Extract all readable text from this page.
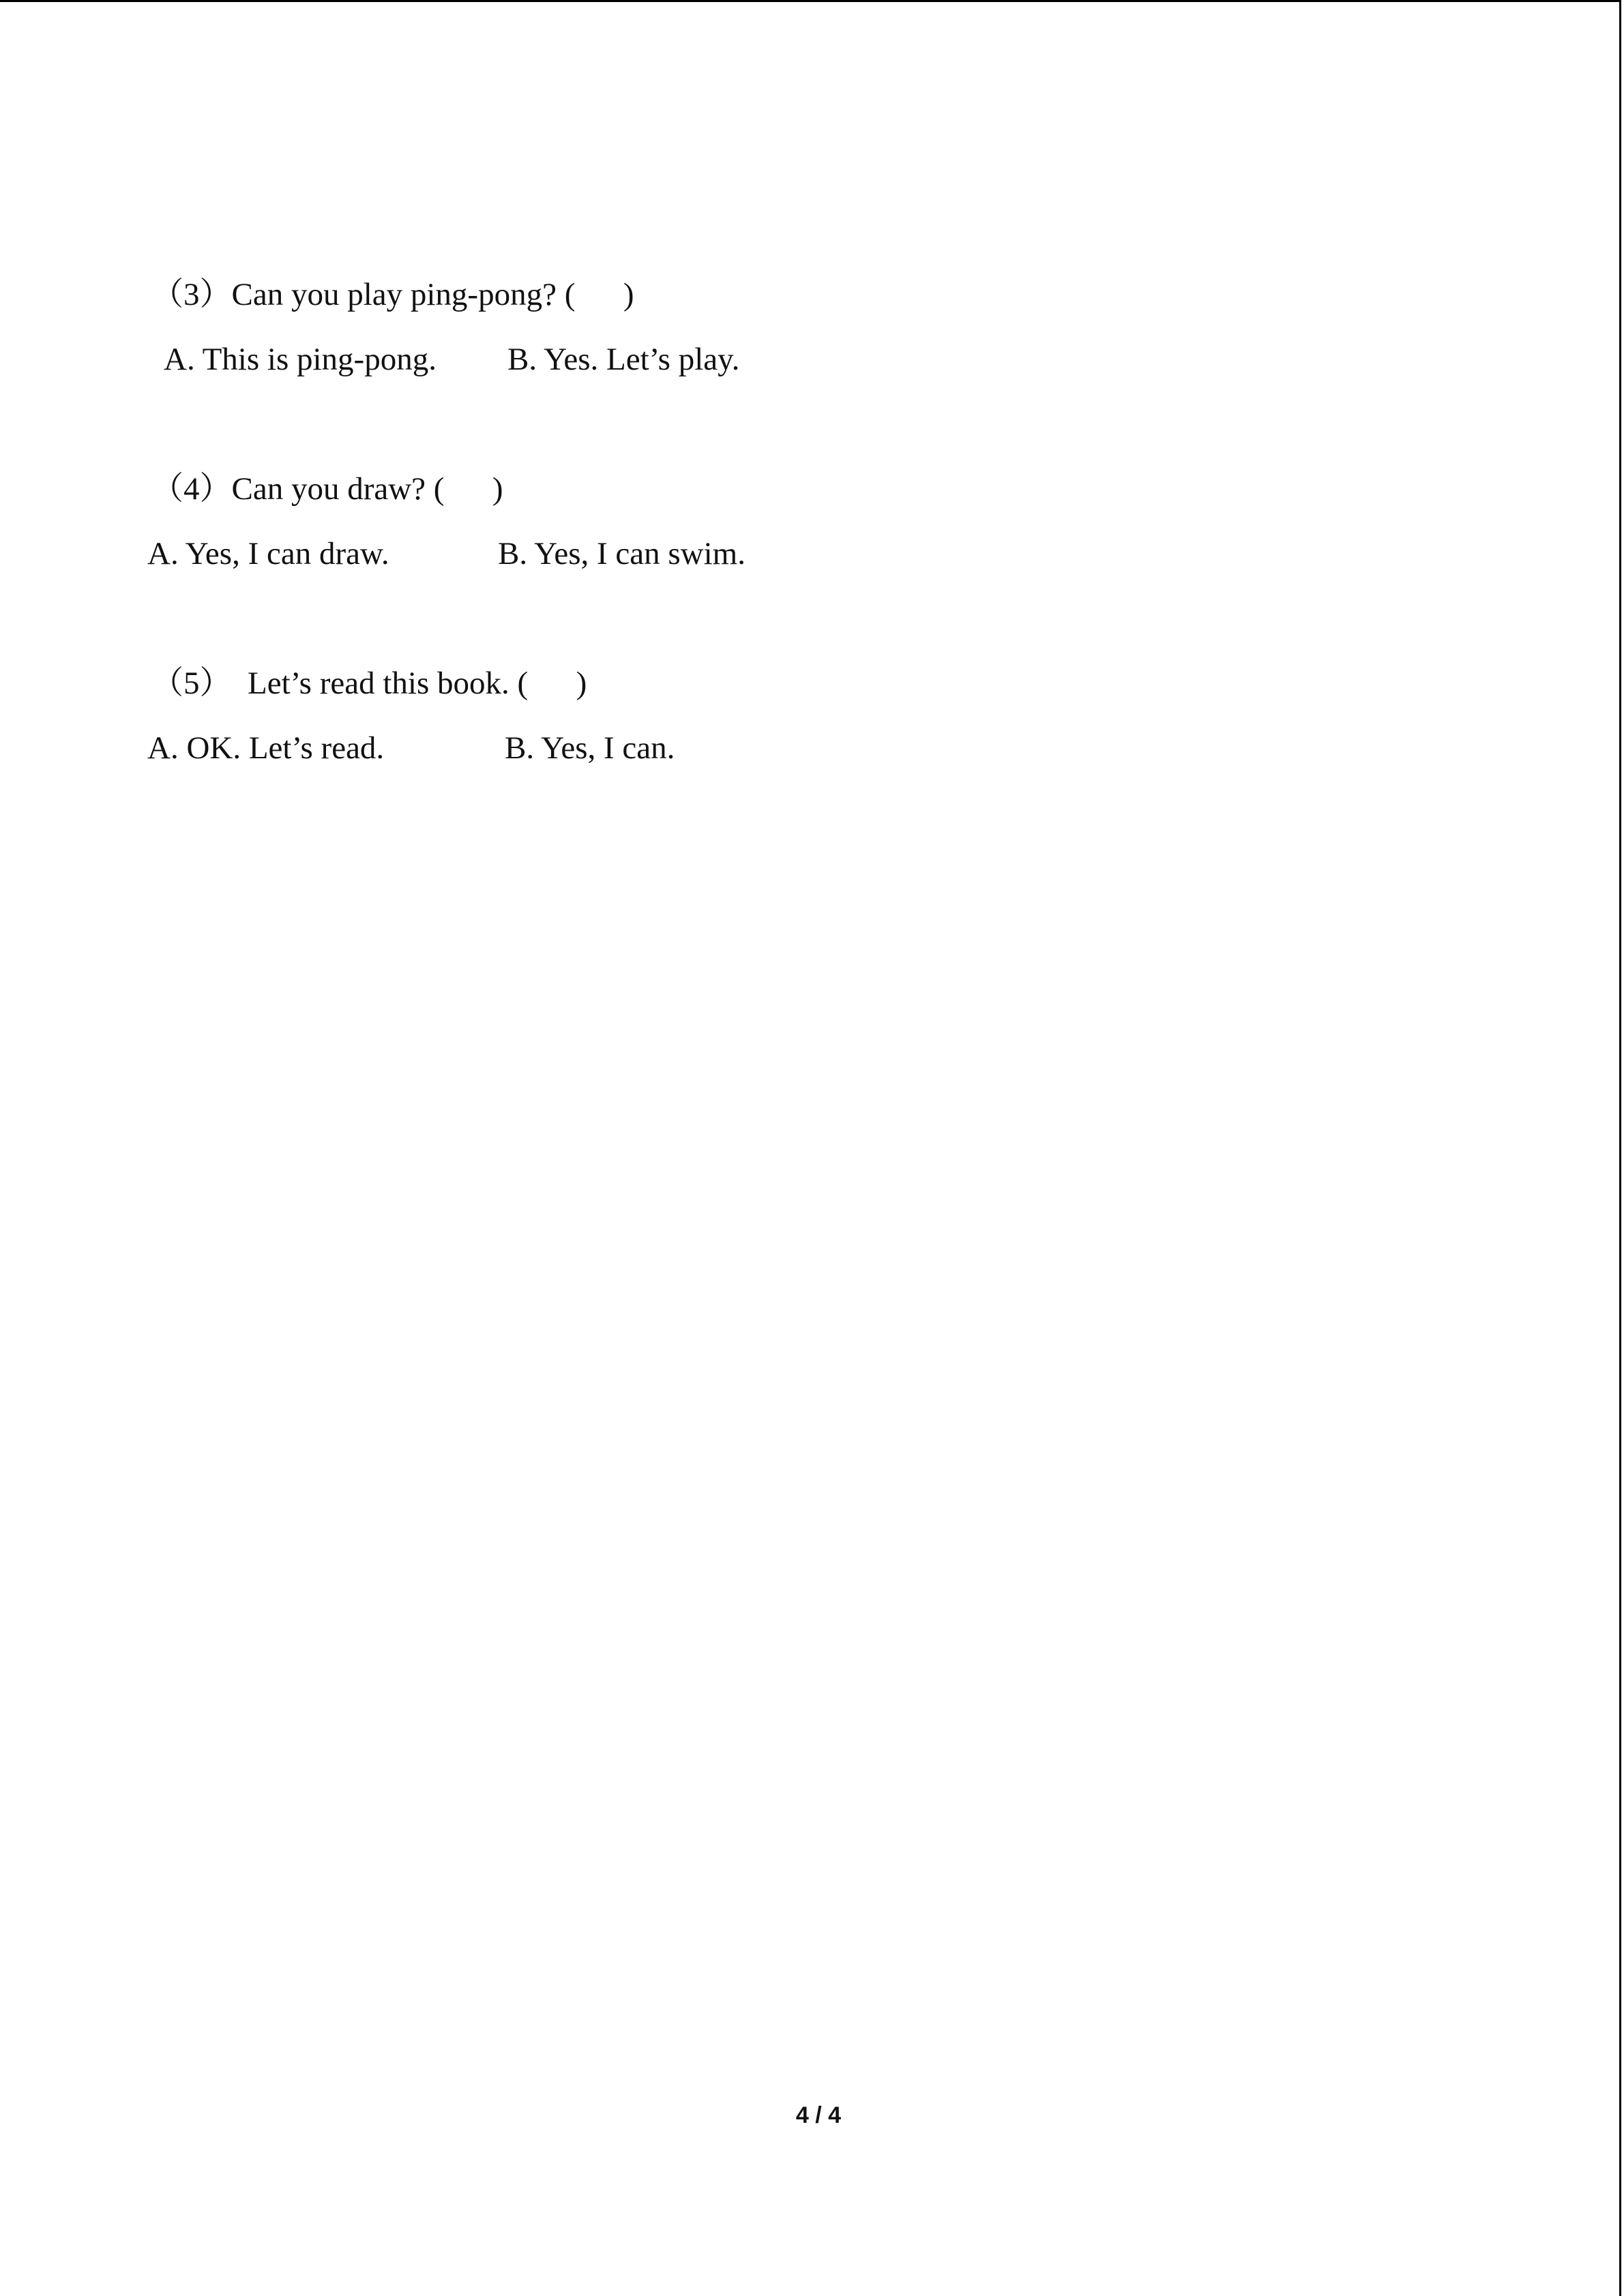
（3）Can you play ping-pong? (      )
A. This is ping-pong. B. Yes. Let’s play.
（4）Can you draw? (      )
A. Yes, I can draw.	B. Yes, I can swim.
（5）  Let’s read this book. (      )
A. OK. Let’s read.	B. Yes, I can.
4 / 4
